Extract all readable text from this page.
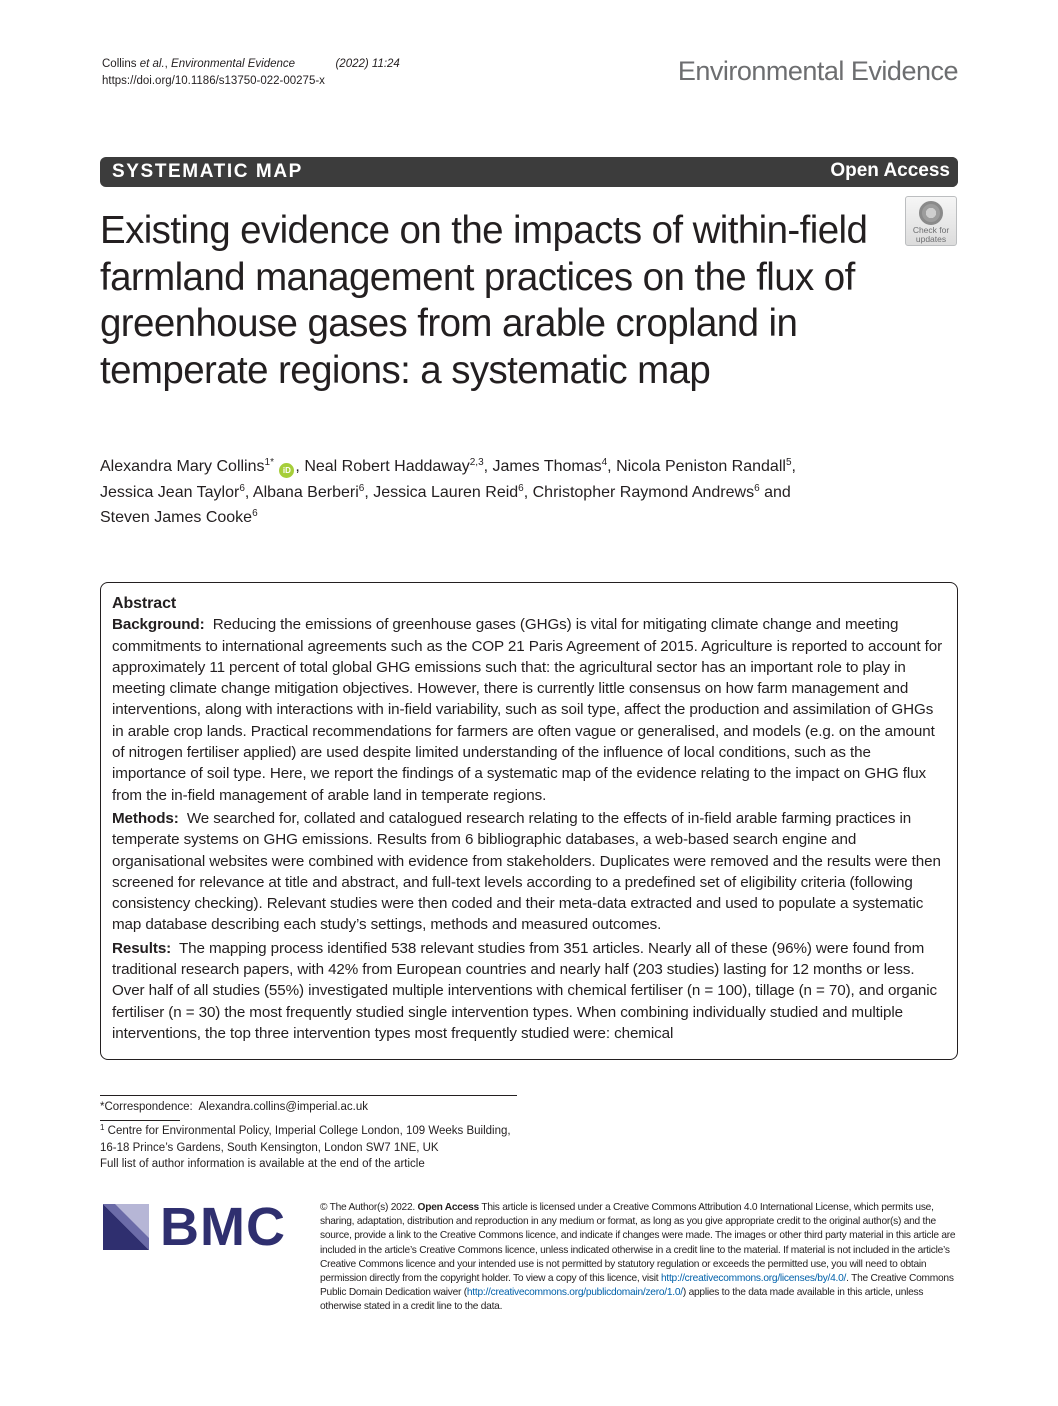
Collins et al., Environmental Evidence	(2022) 11:24
https://doi.org/10.1186/s13750-022-00275-x	Environmental Evidence
SYSTEMATIC MAP	Open Access
Check for
updates
Existing evidence on the impacts of within-field farmland management practices on the flux of greenhouse gases from arable cropland in temperate regions: a systematic map
Alexandra Mary Collins$^{1*}$ iD , Neal Robert Haddaway$^{2,3}$, James Thomas$^4$, Nicola Peniston Randall$^5$,
Jessica Jean Taylor$^6$, Albana Berberi$^6$, Jessica Lauren Reid$^6$, Christopher Raymond Andrews$^6$ and
Steven James Cooke$^6$
Abstract

Background: Reducing the emissions of greenhouse gases (GHGs) is vital for mitigating climate change and meeting commitments to international agreements such as the COP 21 Paris Agreement of 2015. Agriculture is reported to account for approximately 11 percent of total global GHG emissions such that: the agricultural sector has an important role to play in meeting climate change mitigation objectives. However, there is currently little consensus on how farm management and interventions, along with interactions with in-field variability, such as soil type, affect the production and assimilation of GHGs in arable crop lands. Practical recommendations for farmers are often vague or generalised, and models (e.g. on the amount of nitrogen fertiliser applied) are used despite limited understanding of the influence of local conditions, such as the importance of soil type. Here, we report the findings of a systematic map of the evidence relating to the impact on GHG flux from the in-field management of arable land in temperate regions.

Methods: We searched for, collated and catalogued research relating to the effects of in-field arable farming practices in temperate systems on GHG emissions. Results from 6 bibliographic databases, a web-based search engine and organisational websites were combined with evidence from stakeholders. Duplicates were removed and the results were then screened for relevance at title and abstract, and full-text levels according to a predefined set of eligibility criteria (following consistency checking). Relevant studies were then coded and their meta-data extracted and used to populate a systematic map database describing each study’s settings, methods and measured outcomes.

Results: The mapping process identified 538 relevant studies from 351 articles. Nearly all of these (96%) were found from traditional research papers, with 42% from European countries and nearly half (203 studies) lasting for 12 months or less. Over half of all studies (55%) investigated multiple interventions with chemical fertiliser (n = 100), tillage (n = 70), and organic fertiliser (n = 30) the most frequently studied single intervention types. When combining individually studied and multiple interventions, the top three intervention types most frequently studied were: chemical

*Correspondence: Alexandra.collins@imperial.ac.uk
$^1$ Centre for Environmental Policy, Imperial College London, 109 Weeks Building, 16-18 Prince’s Gardens, South Kensington, London SW7 1NE, UK
Full list of author information is available at the end of the article
BMC	© The Author(s) 2022. Open Access This article is licensed under a Creative Commons Attribution 4.0 International License, which permits use, sharing, adaptation, distribution and reproduction in any medium or format, as long as you give appropriate credit to the original author(s) and the source, provide a link to the Creative Commons licence, and indicate if changes were made. The images or other third party material in this article are included in the article’s Creative Commons licence, unless indicated otherwise in a credit line to the material. If material is not included in the article’s Creative Commons licence and your intended use is not permitted by statutory regulation or exceeds the permitted use, you will need to obtain permission directly from the copyright holder. To view a copy of this licence, visit http://creativecommons.org/licenses/by/4.0/. The Creative Commons Public Domain Dedication waiver (http://creativecommons.org/publicdomain/zero/1.0/) applies to the data made available in this article, unless otherwise stated in a credit line to the data.
